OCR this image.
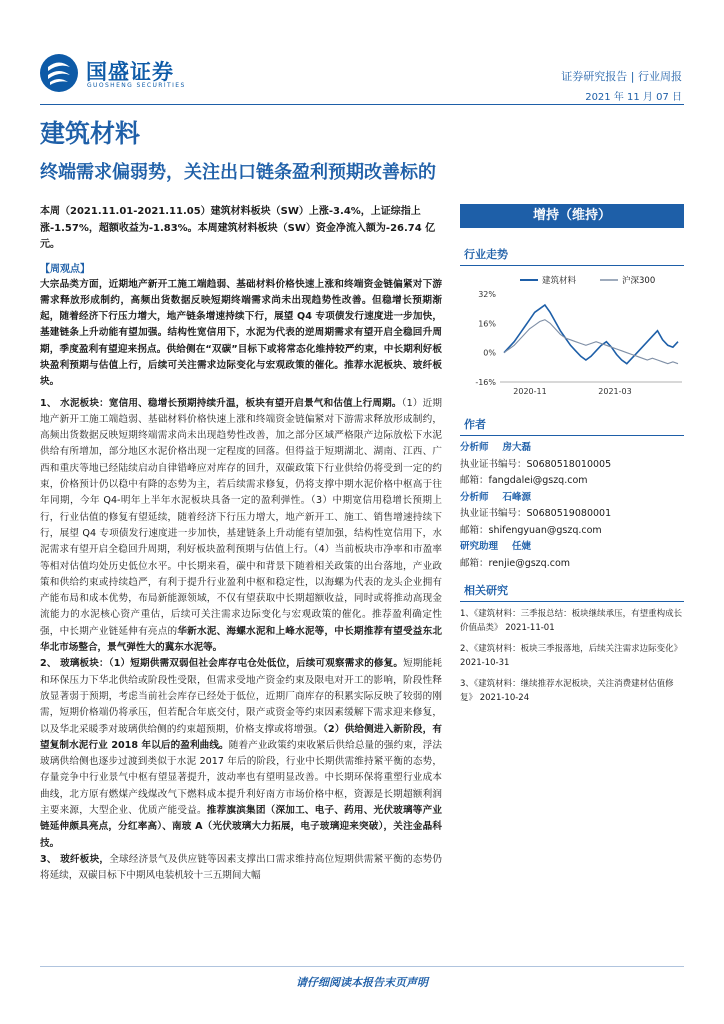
国盛证券
GUOSHENG SECURITIES
证券研究报告 | 行业周报
2021 年 11 月 07 日
建筑材料
终端需求偏弱势，关注出口链条盈利预期改善标的

本周（2021.11.01-2021.11.05）建筑材料板块（SW）上涨-3.4%，上证综指上涨-1.57%，超额收益为-1.83%。本周建筑材料板块（SW）资金净流入额为-26.74 亿元。

【周观点】

大宗品类方面，近期地产新开工施工端趋弱、基础材料价格快速上涨和终端资金链偏紧对下游需求释放形成制约，高频出货数据反映短期终端需求尚未出现趋势性改善。但稳增长预期渐起，随着经济下行压力增大，地产链条增速持续下行，展望 Q4 专项债发行速度进一步加快，基建链条上升动能有望加强。结构性宽信用下，水泥为代表的逆周期需求有望开启全稳回升周期，季度盈利有望迎来拐点。供给侧在“双碳”目标下或将常态化维持较严约束，中长期利好板块盈利预期与估值上行，后续可关注需求边际变化与宏观政策的催化。推荐水泥板块、玻纤板块。

1、 水泥板块：宽信用、稳增长预期持续升温，板块有望开启景气和估值上行周期。（1）近期地产新开工施工端趋弱、基础材料价格快速上涨和终端资金链偏紧对下游需求释放形成制约，高频出货数据反映短期终端需求尚未出现趋势性改善，加之部分区域严格限产边际放松下水泥供给有所增加，部分地区水泥价格出现一定程度的回落。但得益于短期湖北、湖南、江西、广西和重庆等地已经陆续启动自律错峰应对库存的回升，双碳政策下行业供给仍将受到一定的约束，价格预计仍以稳中有降的态势为主，若后续需求修复，仍将支撑中期水泥价格中枢高于往年同期，今年 Q4-明年上半年水泥板块具备一定的盈利弹性。（3）中期宽信用稳增长预期上行，行业估值的修复有望延续，随着经济下行压力增大，地产新开工、施工、销售增速持续下行，展望 Q4 专项债发行速度进一步加快，基建链条上升动能有望加强，结构性宽信用下，水泥需求有望开启全稳回升周期，利好板块盈利预期与估值上行。（4）当前板块市净率和市盈率等相对估值均处历史低位水平。中长期来看，碳中和背景下随着相关政策的出台落地，产业政策和供给约束或持续趋严，有利于提升行业盈利中枢和稳定性，以海螺为代表的龙头企业拥有产能布局和成本优势，布局新能源领域，不仅有望获取中长期超额收益，同时或将推动高现金流能力的水泥核心资产重估，后续可关注需求边际变化与宏观政策的催化。推荐盈利确定性强，中长期产业链延伸有亮点的华新水泥、海螺水泥和上峰水泥等，中长期推荐有望受益东北华北市场整合，景气弹性大的冀东水泥等。

2、 玻璃板块：（1）短期供需双弱但社会库存屯仓处低位，后续可观察需求的修复。短期能耗和环保压力下华北供给或阶段性受限，但需求受地产资金约束及限电对开工的影响，阶段性释放显著弱于预期，考虑当前社会库存已经处于低位，近期厂商库存的积累实际反映了较弱的刚需，短期价格端仍将承压，但若配合年底交付，限产或资金等约束因素缓解下需求迎来修复，以及华北采暖季对玻璃供给侧的约束超预期，价格支撑或将增强。（2）供给侧进入新阶段，有望复制水泥行业 2018 年以后的盈利曲线。随着产业政策约束收紧后供给总量的强约束，浮法玻璃供给侧也逐步过渡到类似于水泥 2017 年后的阶段，行业中长期供需维持紧平衡的态势，存量竞争中行业景气中枢有望显著提升，波动率也有望明显改善。中长期环保将重塑行业成本曲线，北方原有燃煤产线煤改气下燃料成本提升利好南方市场价格中枢，资源是长期超额利润主要来源，大型企业、优质产能受益。推荐旗滨集团（深加工、电子、药用、光伏玻璃等产业链延伸颇具亮点，分红率高）、南玻 A（光伏玻璃大力拓展，电子玻璃迎来突破），关注金晶科技。

3、 玻纤板块，全球经济景气及供应链等因素支撑出口需求维持高位短期供需紧平衡的态势仍将延续，双碳目标下中期风电装机较十三五期间大幅

增持（维持）
行业走势
建筑材料	沪深300
32%
16%
0%
-16%
2020-11	2021-03
作者
分析师 房大磊
执业证书编号：S0680518010005
邮箱：fangdalei@gszq.com
分析师 石峰源
执业证书编号：S0680519080001
邮箱：shifengyuan@gszq.com
研究助理 任婕
邮箱：renjie@gszq.com
相关研究

1、《建筑材料：三季报总结：板块继续承压，有望重构成长价值品类》 2021-11-01

2、《建筑材料：板块三季报落地，后续关注需求边际变化》 2021-10-31

3、《建筑材料：继续推荐水泥板块，关注消费建材估值修复》 2021-10-24

请仔细阅读本报告末页声明
